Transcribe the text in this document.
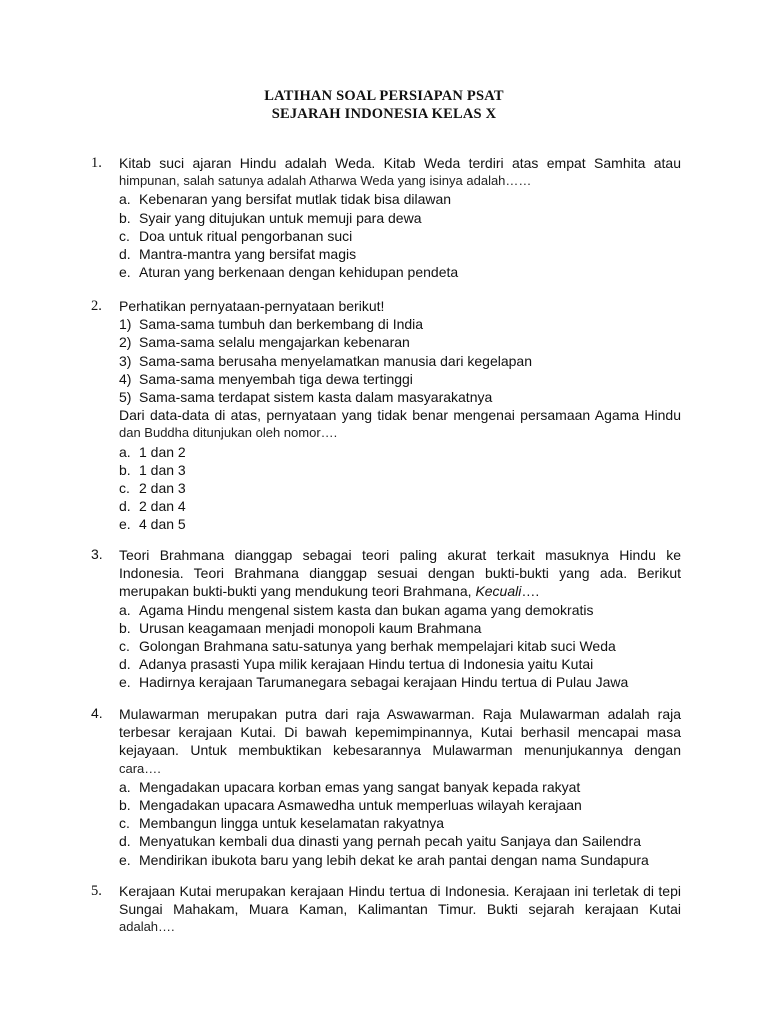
LATIHAN SOAL PERSIAPAN PSAT
SEJARAH INDONESIA KELAS X
1. Kitab suci ajaran Hindu adalah Weda. Kitab Weda terdiri atas empat Samhita atau
himpunan, salah satunya adalah Atharwa Weda yang isinya adalah……
a. Kebenaran yang bersifat mutlak tidak bisa dilawan
b. Syair yang ditujukan untuk memuji para dewa
c. Doa untuk ritual pengorbanan suci
d. Mantra-mantra yang bersifat magis
e. Aturan yang berkenaan dengan kehidupan pendeta
2. Perhatikan pernyataan-pernyataan berikut!
1) Sama-sama tumbuh dan berkembang di India
2) Sama-sama selalu mengajarkan kebenaran
3) Sama-sama berusaha menyelamatkan manusia dari kegelapan
4) Sama-sama menyembah tiga dewa tertinggi
5) Sama-sama terdapat sistem kasta dalam masyarakatnya
Dari data-data di atas, pernyataan yang tidak benar mengenai persamaan Agama Hindu
dan Buddha ditunjukan oleh nomor….
a. 1 dan 2
b. 1 dan 3
c. 2 dan 3
d. 2 dan 4
e. 4 dan 5
3. Teori Brahmana dianggap sebagai teori paling akurat terkait masuknya Hindu ke
Indonesia. Teori Brahmana dianggap sesuai dengan bukti-bukti yang ada. Berikut
merupakan bukti-bukti yang mendukung teori Brahmana, Kecuali….
a. Agama Hindu mengenal sistem kasta dan bukan agama yang demokratis
b. Urusan keagamaan menjadi monopoli kaum Brahmana
c. Golongan Brahmana satu-satunya yang berhak mempelajari kitab suci Weda
d. Adanya prasasti Yupa milik kerajaan Hindu tertua di Indonesia yaitu Kutai
e. Hadirnya kerajaan Tarumanegara sebagai kerajaan Hindu tertua di Pulau Jawa
4. Mulawarman merupakan putra dari raja Aswawarman. Raja Mulawarman adalah raja
terbesar kerajaan Kutai. Di bawah kepemimpinannya, Kutai berhasil mencapai masa
kejayaan. Untuk membuktikan kebesarannya Mulawarman menunjukannya dengan
cara….
a. Mengadakan upacara korban emas yang sangat banyak kepada rakyat
b. Mengadakan upacara Asmawedha untuk memperluas wilayah kerajaan
c. Membangun lingga untuk keselamatan rakyatnya
d. Menyatukan kembali dua dinasti yang pernah pecah yaitu Sanjaya dan Sailendra
e. Mendirikan ibukota baru yang lebih dekat ke arah pantai dengan nama Sundapura
5. Kerajaan Kutai merupakan kerajaan Hindu tertua di Indonesia. Kerajaan ini terletak di tepi
Sungai Mahakam, Muara Kaman, Kalimantan Timur. Bukti sejarah kerajaan Kutai
adalah….
